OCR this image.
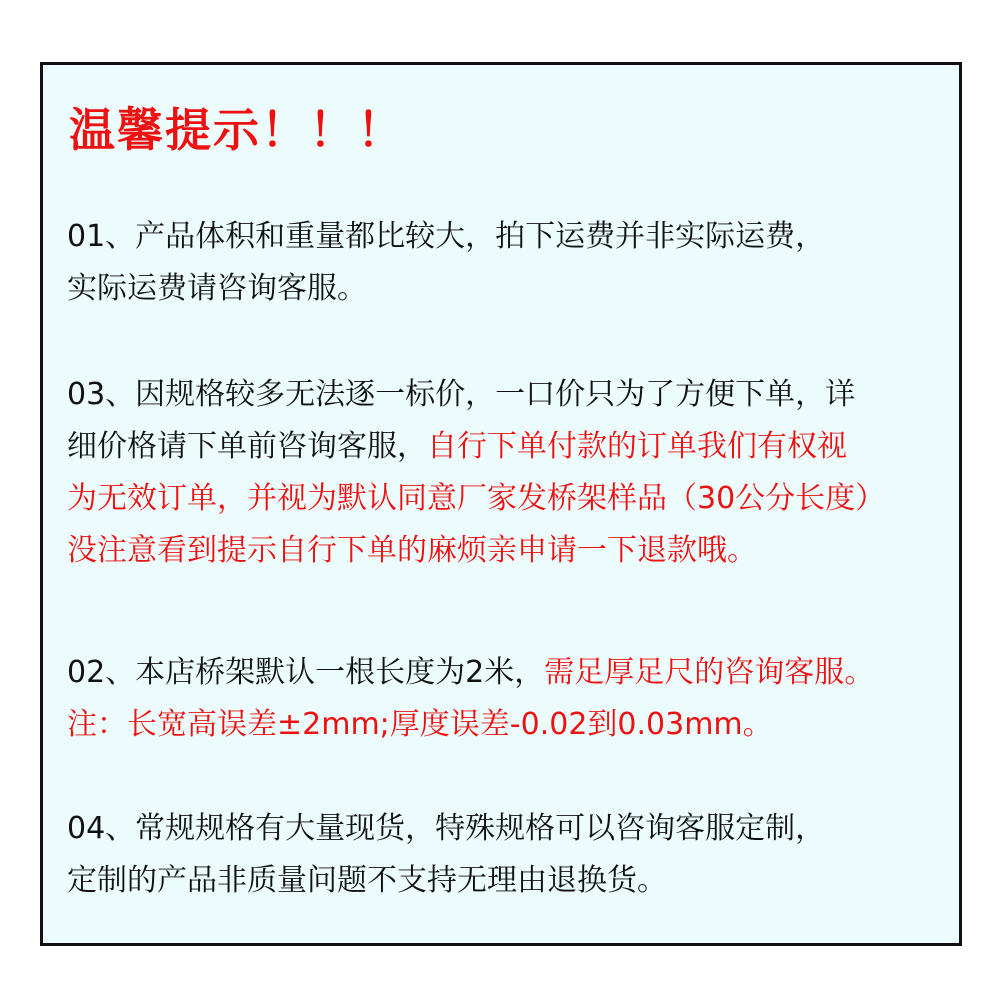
温馨提示！！！

01、产品体积和重量都比较大，拍下运费并非实际运费，
实际运费请咨询客服。

03、因规格较多无法逐一标价，一口价只为了方便下单，详
细价格请下单前咨询客服，自行下单付款的订单我们有权视
为无效订单，并视为默认同意厂家发桥架样品（30公分长度）
没注意看到提示自行下单的麻烦亲申请一下退款哦。

02、本店桥架默认一根长度为2米，需足厚足尺的咨询客服。
注：长宽高误差±2mm;厚度误差-0.02到0.03mm。

04、常规规格有大量现货，特殊规格可以咨询客服定制，
定制的产品非质量问题不支持无理由退换货。
